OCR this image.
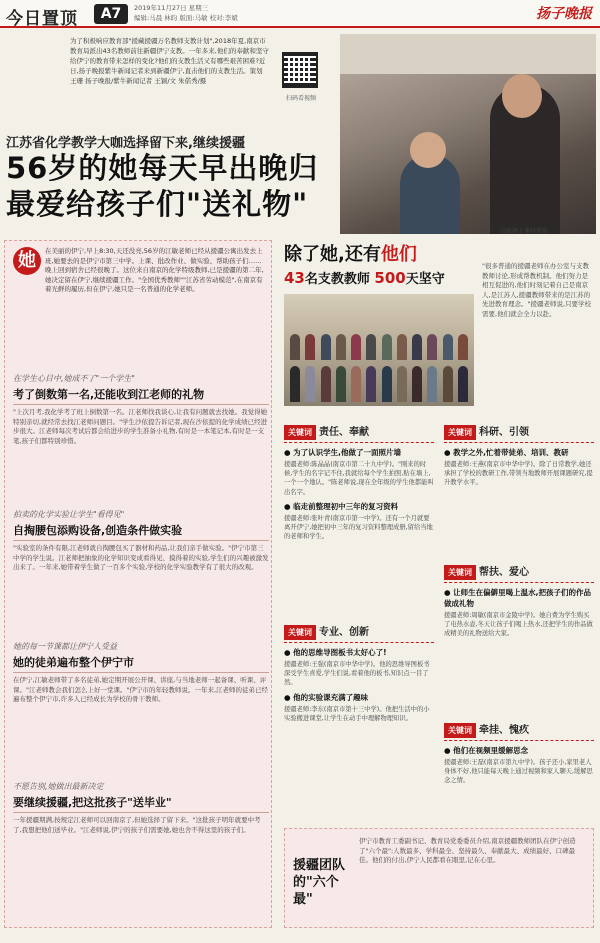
今日置顶	A7	2019年11月27日 星期三
编辑:马晨 林昀 版面:马敏 校对:李斌	扬子晚报
为了积极响应教育部"援藏援疆万名教师支教计划",2018年夏,南京市教育局派出43名教师前往新疆伊宁支教。一年多来,他们的奉献和坚守给伊宁的教育带来怎样的变化?他们的支教生活又有哪些艰苦困难?近日,扬子晚报紫牛新闻记者来到新疆伊宁,直击他们的支教生活。策划 王珊 扬子晚报/紫牛新闻记者 王颖/文 朱偌秀/摄
扫码看视频
吴敏捷上课时情景。
江苏省化学教学大咖选择留下来,继续援疆
56岁的她每天早出晚归
最爱给孩子们"送礼物"
她	在美丽的伊宁,早上8:30,天还没亮,56岁的江敏老师已经从援疆公寓出发去上班,她要去的是伊宁市第三中学。上课、批改作业、做实验、帮助孩子们……晚上回到宿舍已经很晚了。这位来自南京的化学特级教师,已是援疆的第二年,她决定留在伊宁,继续援疆工作。"全国优秀教师""江苏省劳动模范",在南京有着光鲜的履历,但在伊宁,她只是一名普通的化学老师。
在学生心目中,她成不了"一个学生"
考了倒数第一名,还能收到江老师的礼物
"上次月考,我化学考了班上倒数第一名。江老师找我谈心,让我有问题就去找她。我觉得她特别亲切,就经常去找江老师问题目。"学生沙依提告诉记者,现在沙依提的化学成绩已经进步很大。江老师每次考试后都会给进步的学生准备小礼物,有时是一本笔记本,有时是一支笔,孩子们都特别珍惜。
拍卖的化学实验让学生"看得见"
自掏腰包添购设备,创造条件做实验
"实验室的条件有限,江老师就自掏腰包买了器材和药品,让我们亲手做实验。"伊宁市第三中学的学生说。江老师把抽象的化学知识变成看得见、摸得着的实验,学生们的兴趣被激发出来了。一年来,她带着学生做了一百多个实验,学校的化学实验教学有了很大的改观。
她的每一节课都让伊宁人受益
她的徒弟遍布整个伊宁市
在伊宁,江敏老师带了多名徒弟,她定期开展公开课、讲座,与当地老师一起备课、听课、评课。"江老师教会我们怎么上好一堂课。"伊宁市的年轻教师说。一年来,江老师的徒弟已经遍布整个伊宁市,许多人已经成长为学校的骨干教师。
不愿告别,她做出最新决定
要继续援疆,把这批孩子"送毕业"
一年援疆期满,按规定江老师可以回南京了,但她选择了留下来。"这批孩子明年就要中考了,我想把他们送毕业。"江老师说,伊宁的孩子们需要她,她也舍不得这里的孩子们。
除了她,还有他们
43名支教教师 500天坚守
"很多普通的援疆老师在办公室与支教教师讨论,形成帮教机制。他们努力是相互促进的,他们时刻记着自己是南京人,是江苏人,援疆教师带来的是江苏的先进教育理念。"援疆老师说,只要学校需要,他们就会全力以赴。
关键词 责任、奉献
● 为了认识学生,他做了一面照片墙
援疆老师:陈晶晶(南京市第二十九中学)。"刚来的时候,学生的名字记不住,我就给每个学生拍照,贴在墙上,一个一个地认。"陈老师说,现在全年级的学生他都能叫出名字。
● 临走前整理初中三年的复习资料
援疆老师:张叶青(南京市第一中学)。还有一个月就要离开伊宁,她把初中三年的复习资料整理成册,留给当地的老师和学生。
关键词 科研、引领
● 教学之外,忙着带徒弟、培训、教研
援疆老师:王燕(南京市中华中学)。除了日常教学,她还承担了学校的教研工作,带领当地教师开展课题研究,提升教学水平。
关键词 专业、创新
● 他的思维导图板书太好心了!
援疆老师:王强(南京市中华中学)。他的思维导图板书深受学生喜爱,学生们说,看着他的板书,知识点一目了然。
● 他的实验课充满了趣味
援疆老师:李东(南京市第十三中学)。他把生活中的小实验搬进课堂,让学生在动手中理解物理知识。
关键词 帮扶、爱心
● 让师生在偏僻里喝上温水,把孩子们的作品做成礼物
援疆老师:周敏(南京市金陵中学)。她自费为学生购买了电热水壶,冬天让孩子们喝上热水,还把学生的作品做成精美的礼物送给大家。
关键词 牵挂、愧疚
● 他们在视频里缓解思念
援疆老师:王磊(南京市第九中学)。孩子还小,家里老人身体不好,他只能每天晚上通过视频和家人聊天,缓解思念之情。
援疆团队的"六个最"
伊宁市教育工委副书记、教育局党委委员介绍,南京援疆教师团队在伊宁创造了"六个最":人数最多、学科最全、坚持最久、奉献最大、成绩最好、口碑最佳。他们的付出,伊宁人民都看在眼里,记在心里。
